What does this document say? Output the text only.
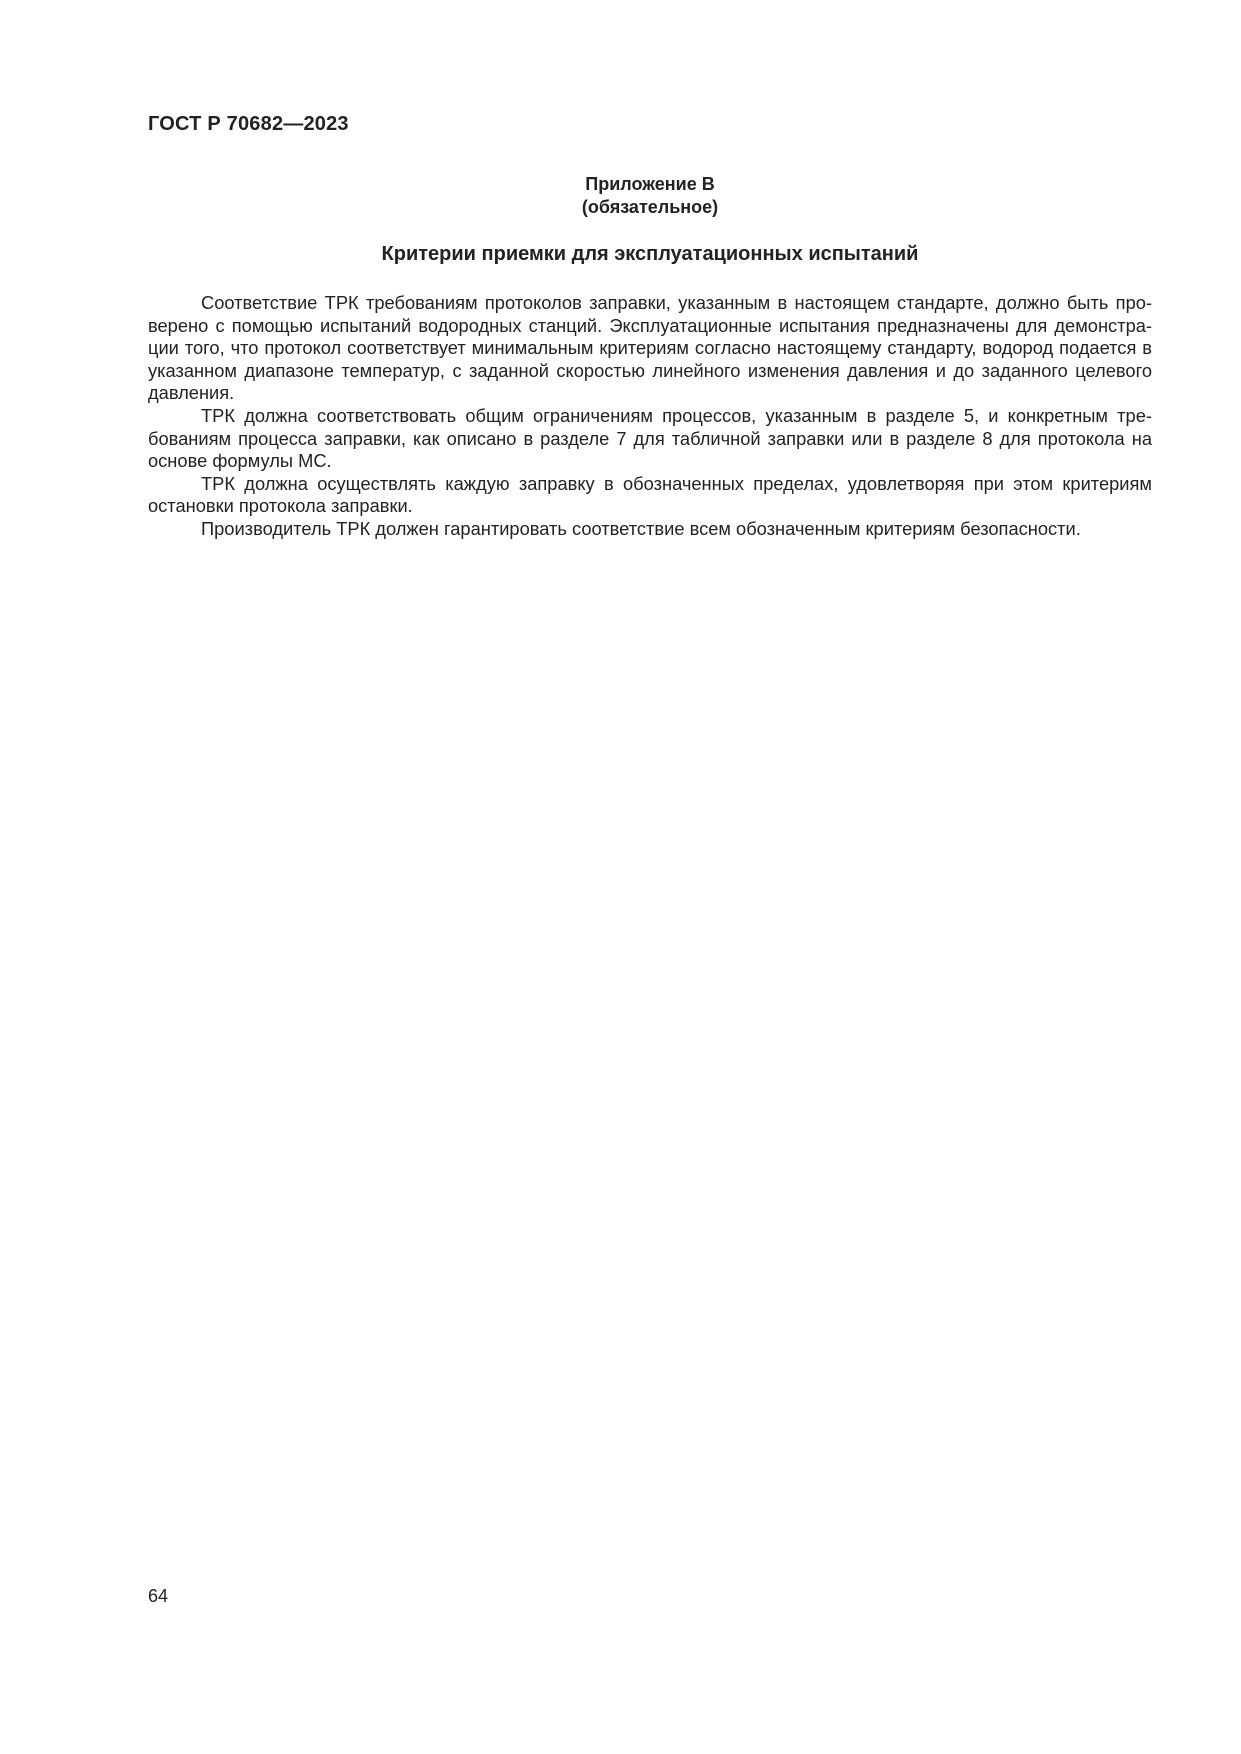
ГОСТ Р 70682—2023
Приложение В
(обязательное)
Критерии приемки для эксплуатационных испытаний

Соответствие ТРК требованиям протоколов заправки, указанным в настоящем стандарте, должно быть проверено с помощью испытаний водородных станций. Эксплуатационные испытания предназначены для демонстрации того, что протокол соответствует минимальным критериям согласно настоящему стандарту, водород подается в указанном диапазоне температур, с заданной скоростью линейного изменения давления и до заданного целевого давления.

ТРК должна соответствовать общим ограничениям процессов, указанным в разделе 5, и конкретным требованиям процесса заправки, как описано в разделе 7 для табличной заправки или в разделе 8 для протокола на основе формулы МС.

ТРК должна осуществлять каждую заправку в обозначенных пределах, удовлетворяя при этом критериям остановки протокола заправки.

Производитель ТРК должен гарантировать соответствие всем обозначенным критериям безопасности.

64
